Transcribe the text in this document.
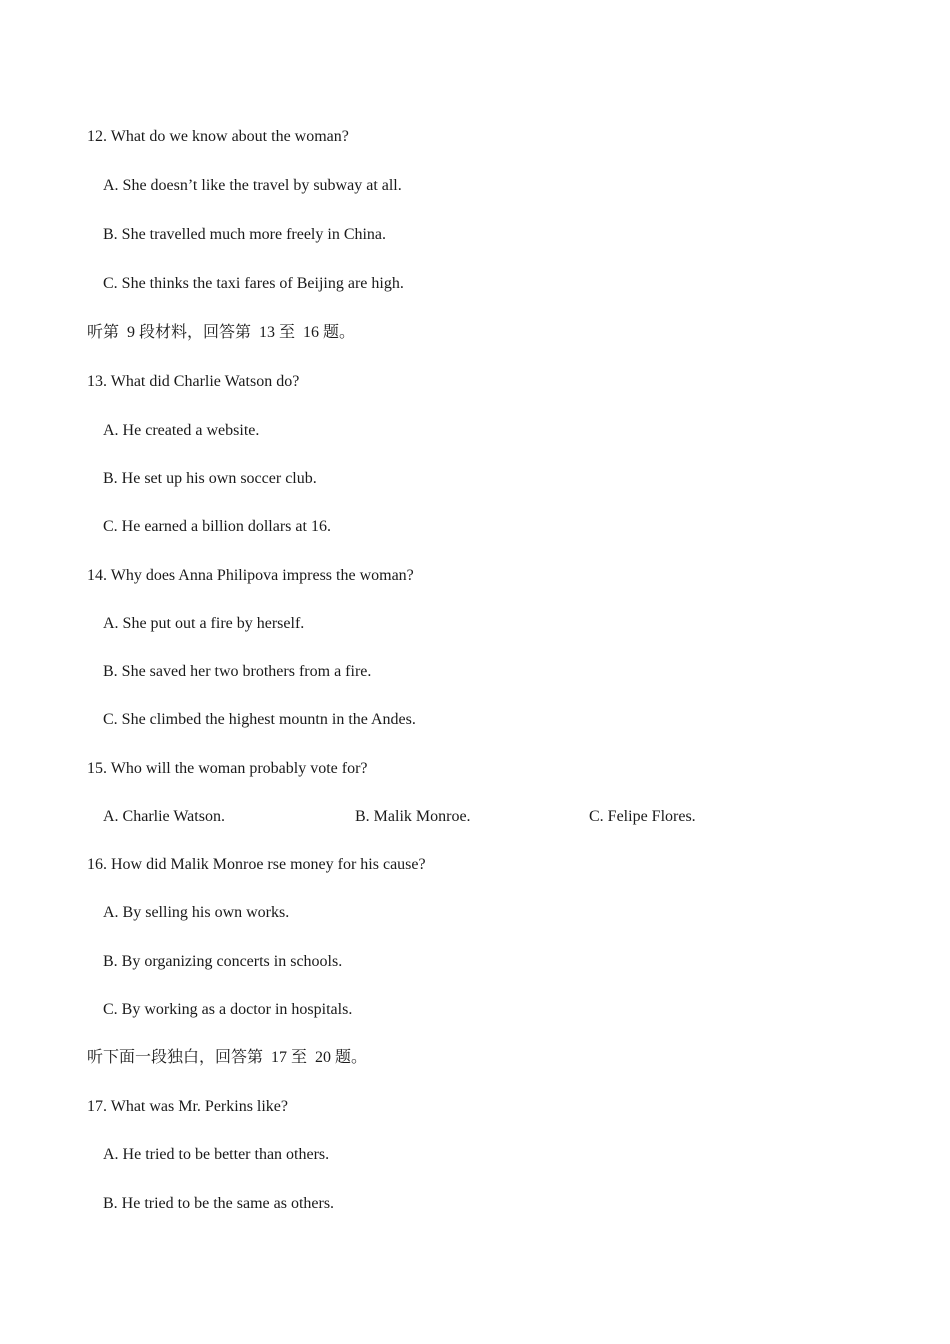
12. What do we know about the woman?
A. She doesn’t like the travel by subway at all.
B. She travelled much more freely in China.
C. She thinks the taxi fares of Beijing are high.
听第  9 段材料，回答第  13 至  16 题。
13. What did Charlie Watson do?
A. He created a website.
B. He set up his own soccer club.
C. He earned a billion dollars at 16.
14. Why does Anna Philipova impress the woman?
A. She put out a fire by herself.
B. She saved her two brothers from a fire.
C. She climbed the highest mountn in the Andes.
15. Who will the woman probably vote for?
A. Charlie Watson.	B. Malik Monroe.	C. Felipe Flores.
16. How did Malik Monroe rse money for his cause?
A. By selling his own works.
B. By organizing concerts in schools.
C. By working as a doctor in hospitals.
听下面一段独白，回答第  17 至  20 题。
17. What was Mr. Perkins like?
A. He tried to be better than others.
B. He tried to be the same as others.
